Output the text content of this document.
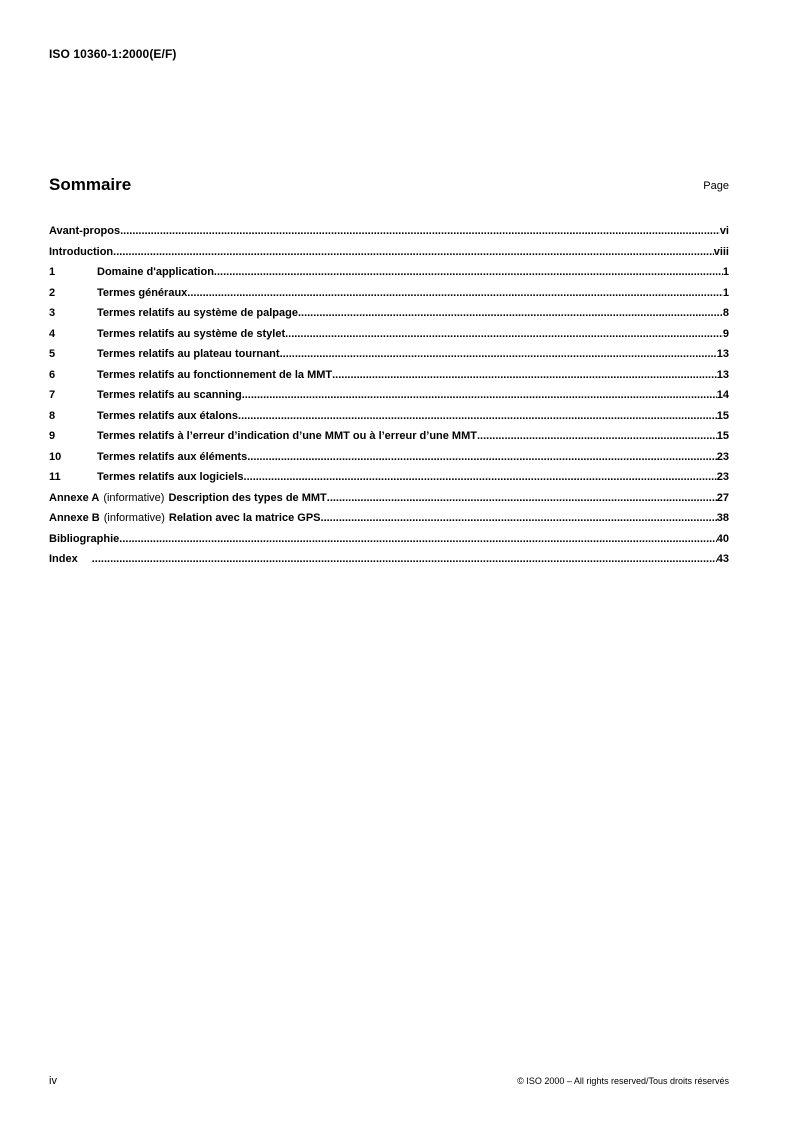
ISO 10360-1:2000(E/F)
Sommaire	Page
Avant-propos .....	vi
Introduction .....	viii
1	Domaine d'application .....	1
2	Termes généraux .....	1
3	Termes relatifs au système de palpage .....	8
4	Termes relatifs au système de stylet .....	9
5	Termes relatifs au plateau tournant .....	13
6	Termes relatifs au fonctionnement de la MMT .....	13
7	Termes relatifs au scanning .....	14
8	Termes relatifs aux étalons .....	15
9	Termes relatifs à l’erreur d’indication d’une MMT ou à l’erreur d’une MMT .....	15
10	Termes relatifs aux éléments .....	23
11	Termes relatifs aux logiciels .....	23
Annexe A (informative) Description des types de MMT .....	27
Annexe B (informative) Relation avec la matrice GPS .....	38
Bibliographie .....	40
Index .....	43
iv	© ISO 2000 – All rights reserved/Tous droits réservés
